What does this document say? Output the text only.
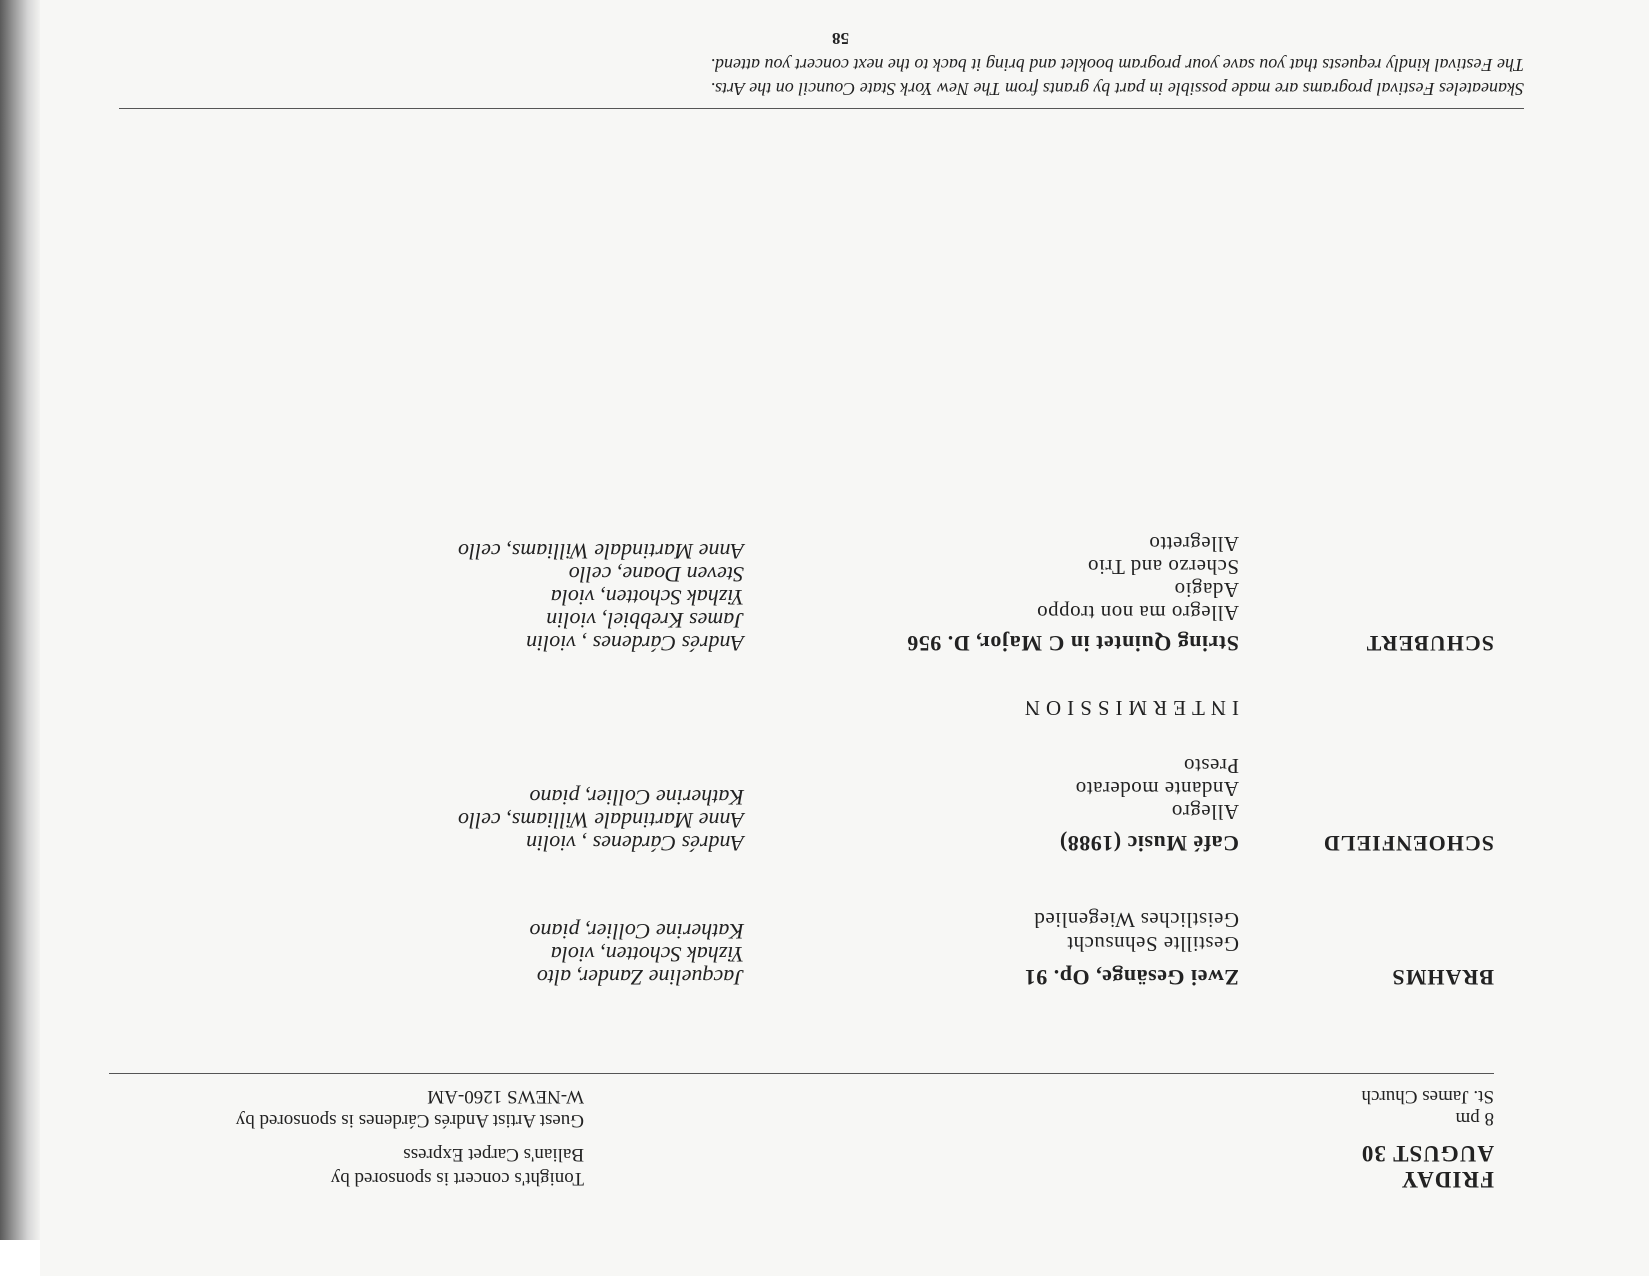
FRIDAY
AUGUST 30
8 pm
St. James Church
Tonight's concert is sponsored by
Balian's Carpet Express
Guest Artist Andrés Cárdenes is sponsored by
W-NEWS 1260-AM
BRAHMS
Zwei Gesänge, Op. 91
Gestillte Sehnsucht
Geistliches Wiegenlied
Jacqueline Zander, alto
Yizhak Schotten, viola
Katherine Collier, piano
SCHOENFIELD
Café Music (1988)
Allegro
Andante moderato
Presto
Andrés Cárdenes , violin
Anne Martindale Williams, cello
Katherine Collier, piano
INTERMISSION
SCHUBERT
String Quintet in C Major, D. 956
Allegro ma non troppo
Adagio
Scherzo and Trio
Allegretto
Andrés Cárdenes , violin
James Krebbiel, violin
Yizhak Schotten, viola
Steven Doane, cello
Anne Martindale Williams, cello
Skaneateles Festival programs are made possible in part by grants from The New York State Council on the Arts.
The Festival kindly requests that you save your program booklet and bring it back to the next concert you attend.
58
